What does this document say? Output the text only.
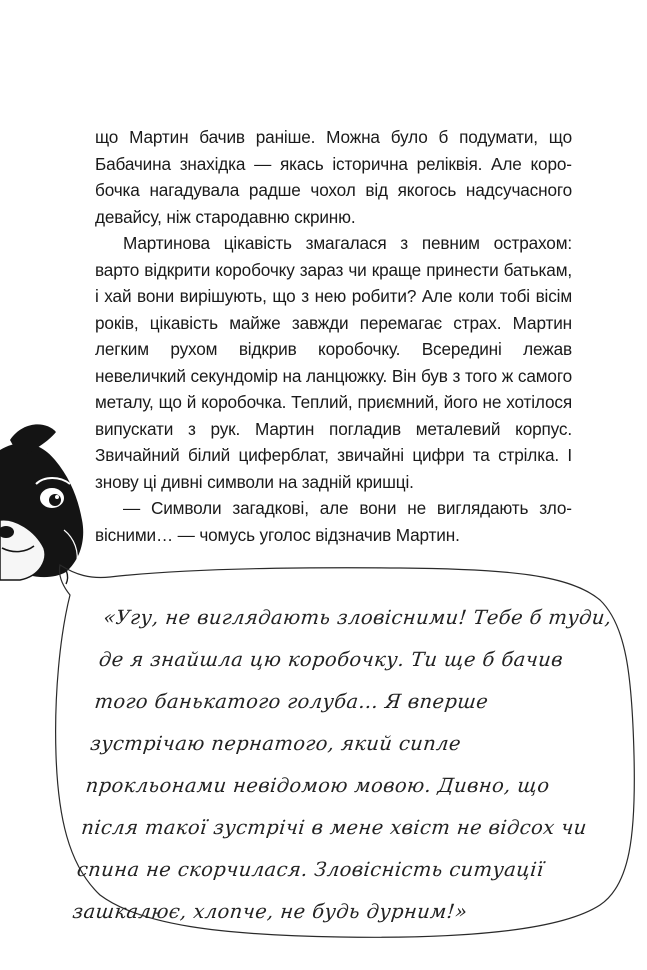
що Мартин бачив раніше. Можна було б подумати, що Бабачина знахідка — якась історична реліквія. Але коробочка нагадувала радше чохол від якогось надсучасного девайсу, ніж стародавню скриню.

Мартинова цікавість змагалася з певним острахом: варто відкрити коробочку зараз чи краще принести батькам, і хай вони вирішують, що з нею робити? Але коли тобі вісім років, цікавість майже завжди перемагає страх. Мартин легким рухом відкрив коробочку. Всередині лежав невеличкий секундомір на ланцюжку. Він був з того ж самого металу, що й коробочка. Теплий, приємний, його не хотілося випускати з рук. Мартин погладив металевий корпус. Звичайний білий циферблат, звичайні цифри та стрілка. І знову ці дивні символи на задній кришці.

— Символи загадкові, але вони не виглядають зловісними… — чомусь уголос відзначив Мартин.

«Угу, не виглядають зловісними! Тебе б туди, де я знайшла цю коробочку. Ти ще б бачив того банькатого голуба… Я вперше зустрічаю пернатого, який сипле прокльонами невідомою мовою. Дивно, що після такої зустрічі в мене хвіст не відсох чи спина не скорчилася. Зловісність ситуації зашкалює, хлопче, не будь дурним!»
